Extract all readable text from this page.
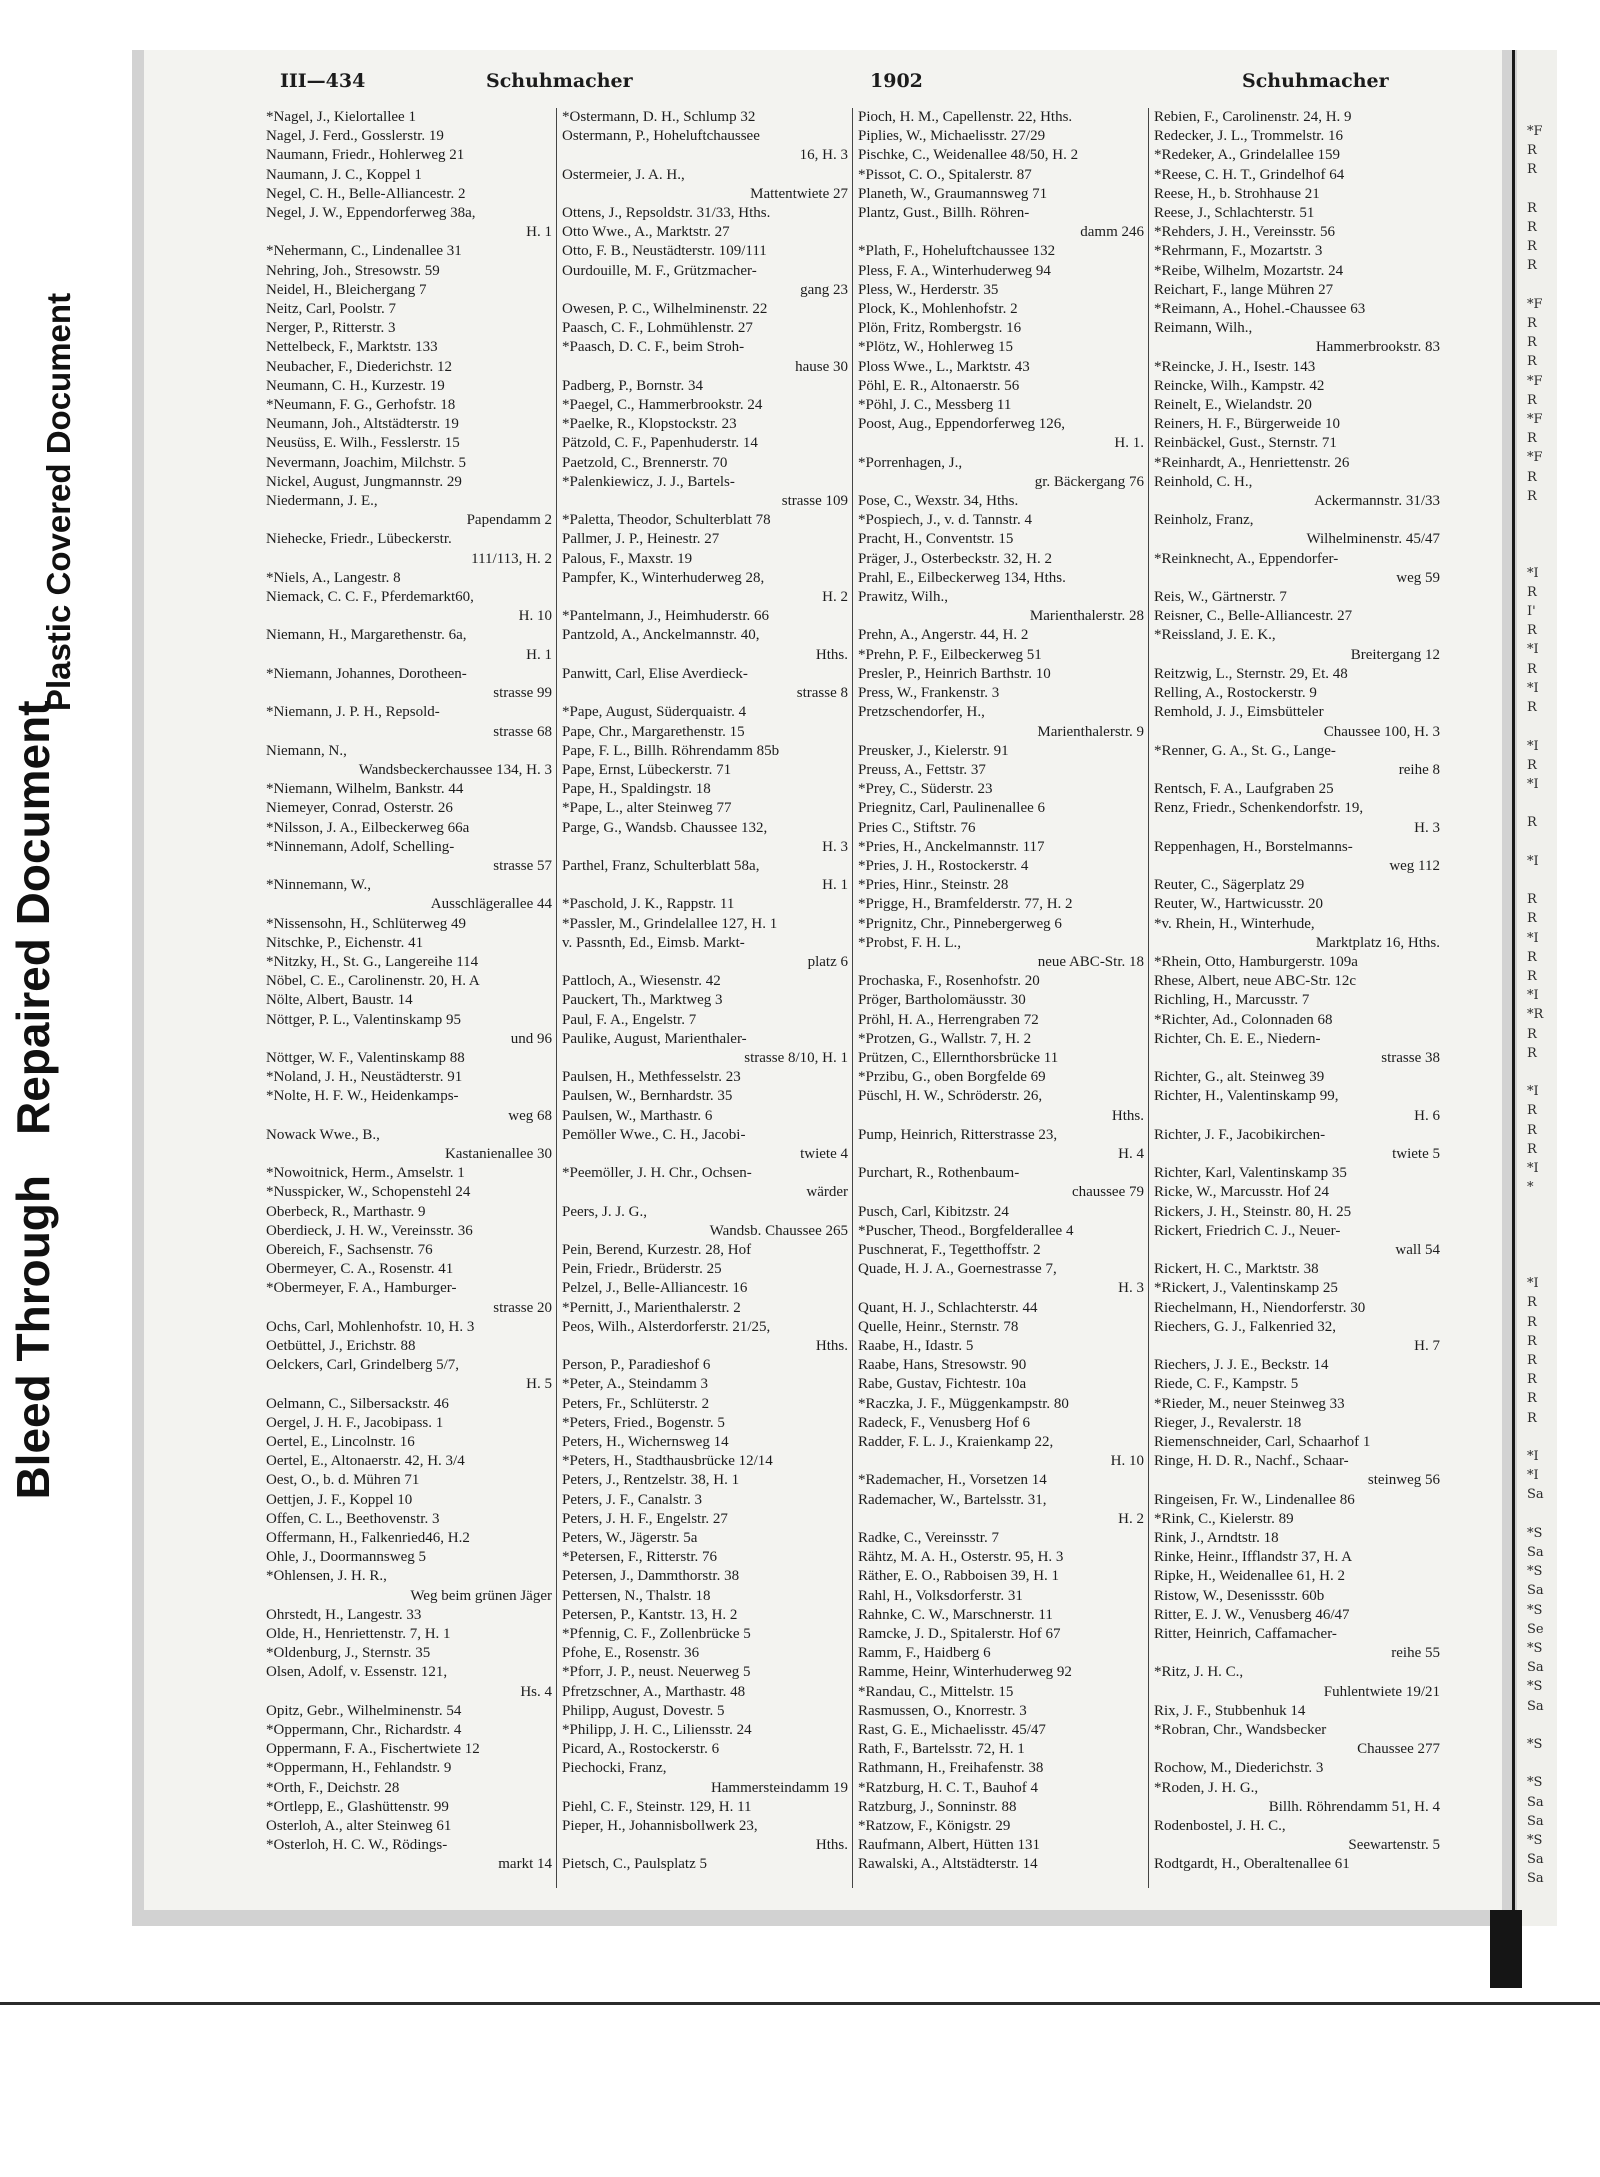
Bleed Through
Repaired Document
Plastic Covered Document
III—434	Schuhmacher	1902	Schuhmacher
*Nagel, J., Kielortallee 1
Nagel, J. Ferd., Gosslerstr. 19
Naumann, Friedr., Hohlerweg 21
Naumann, J. C., Koppel 1
Negel, C. H., Belle-Alliancestr. 2
Negel, J. W., Eppendorferweg 38a,
H. 1
*Nehermann, C., Lindenallee 31
Nehring, Joh., Stresowstr. 59
Neidel, H., Bleichergang 7
Neitz, Carl, Poolstr. 7
Nerger, P., Ritterstr. 3
Nettelbeck, F., Marktstr. 133
Neubacher, F., Diederichstr. 12
Neumann, C. H., Kurzestr. 19
*Neumann, F. G., Gerhofstr. 18
Neumann, Joh., Altstädterstr. 19
Neusüss, E. Wilh., Fesslerstr. 15
Nevermann, Joachim, Milchstr. 5
Nickel, August, Jungmannstr. 29
Niedermann, J. E.,
Papendamm 2
Niehecke, Friedr., Lübeckerstr.
111/113, H. 2
*Niels, A., Langestr. 8
Niemack, C. C. F., Pferdemarkt60,
H. 10
Niemann, H., Margarethenstr. 6a,
H. 1
*Niemann, Johannes, Dorotheen-
strasse 99
*Niemann, J. P. H., Repsold-
strasse 68
Niemann, N.,
Wandsbeckerchaussee 134, H. 3
*Niemann, Wilhelm, Bankstr. 44
Niemeyer, Conrad, Osterstr. 26
*Nilsson, J. A., Eilbeckerweg 66a
*Ninnemann, Adolf, Schelling-
strasse 57
*Ninnemann, W.,
Ausschlägerallee 44
*Nissensohn, H., Schlüterweg 49
Nitschke, P., Eichenstr. 41
*Nitzky, H., St. G., Langereihe 114
Nöbel, C. E., Carolinenstr. 20, H. A
Nölte, Albert, Baustr. 14
Nöttger, P. L., Valentinskamp 95
und 96
Nöttger, W. F., Valentinskamp 88
*Noland, J. H., Neustädterstr. 91
*Nolte, H. F. W., Heidenkamps-
weg 68
Nowack Wwe., B.,
Kastanienallee 30
*Nowoitnick, Herm., Amselstr. 1
*Nusspicker, W., Schopenstehl 24
Oberbeck, R., Marthastr. 9
Oberdieck, J. H. W., Vereinsstr. 36
Obereich, F., Sachsenstr. 76
Obermeyer, C. A., Rosenstr. 41
*Obermeyer, F. A., Hamburger-
strasse 20
Ochs, Carl, Mohlenhofstr. 10, H. 3
Oetbüttel, J., Erichstr. 88
Oelckers, Carl, Grindelberg 5/7,
H. 5
Oelmann, C., Silbersackstr. 46
Oergel, J. H. F., Jacobipass. 1
Oertel, E., Lincolnstr. 16
Oertel, E., Altonaerstr. 42, H. 3/4
Oest, O., b. d. Mühren 71
Oettjen, J. F., Koppel 10
Offen, C. L., Beethovenstr. 3
Offermann, H., Falkenried46, H.2
Ohle, J., Doormannsweg 5
*Ohlensen, J. H. R.,
Weg beim grünen Jäger
Ohrstedt, H., Langestr. 33
Olde, H., Henriettenstr. 7, H. 1
*Oldenburg, J., Sternstr. 35
Olsen, Adolf, v. Essenstr. 121,
Hs. 4
Opitz, Gebr., Wilhelminenstr. 54
*Oppermann, Chr., Richardstr. 4
Oppermann, F. A., Fischertwiete 12
*Oppermann, H., Fehlandstr. 9
*Orth, F., Deichstr. 28
*Ortlepp, E., Glashüttenstr. 99
Osterloh, A., alter Steinweg 61
*Osterloh, H. C. W., Rödings-
markt 14
*Ostermann, D. H., Schlump 32
Ostermann, P., Hoheluftchaussee
16, H. 3
Ostermeier, J. A. H.,
Mattentwiete 27
Ottens, J., Repsoldstr. 31/33, Hths.
Otto Wwe., A., Marktstr. 27
Otto, F. B., Neustädterstr. 109/111
Ourdouille, M. F., Grützmacher-
gang 23
Owesen, P. C., Wilhelminenstr. 22
Paasch, C. F., Lohmühlenstr. 27
*Paasch, D. C. F., beim Stroh-
hause 30
Padberg, P., Bornstr. 34
*Paegel, C., Hammerbrookstr. 24
*Paelke, R., Klopstockstr. 23
Pätzold, C. F., Papenhuderstr. 14
Paetzold, C., Brennerstr. 70
*Palenkiewicz, J. J., Bartels-
strasse 109
*Paletta, Theodor, Schulterblatt 78
Pallmer, J. P., Heinestr. 27
Palous, F., Maxstr. 19
Pampfer, K., Winterhuderweg 28,
H. 2
*Pantelmann, J., Heimhuderstr. 66
Pantzold, A., Anckelmannstr. 40,
Hths.
Panwitt, Carl, Elise Averdieck-
strasse 8
*Pape, August, Süderquaistr. 4
Pape, Chr., Margarethenstr. 15
Pape, F. L., Billh. Röhrendamm 85b
Pape, Ernst, Lübeckerstr. 71
Pape, H., Spaldingstr. 18
*Pape, L., alter Steinweg 77
Parge, G., Wandsb. Chaussee 132,
H. 3
Parthel, Franz, Schulterblatt 58a,
H. 1
*Paschold, J. K., Rappstr. 11
*Passler, M., Grindelallee 127, H. 1
v. Passnth, Ed., Eimsb. Markt-
platz 6
Pattloch, A., Wiesenstr. 42
Pauckert, Th., Marktweg 3
Paul, F. A., Engelstr. 7
Paulike, August, Marienthaler-
strasse 8/10, H. 1
Paulsen, H., Methfesselstr. 23
Paulsen, W., Bernhardstr. 35
Paulsen, W., Marthastr. 6
Pemöller Wwe., C. H., Jacobi-
twiete 4
*Peemöller, J. H. Chr., Ochsen-
wärder
Peers, J. J. G.,
Wandsb. Chaussee 265
Pein, Berend, Kurzestr. 28, Hof
Pein, Friedr., Brüderstr. 25
Pelzel, J., Belle-Alliancestr. 16
*Pernitt, J., Marienthalerstr. 2
Peos, Wilh., Alsterdorferstr. 21/25,
Hths.
Person, P., Paradieshof 6
*Peter, A., Steindamm 3
Peters, Fr., Schlüterstr. 2
*Peters, Fried., Bogenstr. 5
Peters, H., Wichernsweg 14
*Peters, H., Stadthausbrücke 12/14
Peters, J., Rentzelstr. 38, H. 1
Peters, J. F., Canalstr. 3
Peters, J. H. F., Engelstr. 27
Peters, W., Jägerstr. 5a
*Petersen, F., Ritterstr. 76
Petersen, J., Dammthorstr. 38
Pettersen, N., Thalstr. 18
Petersen, P., Kantstr. 13, H. 2
*Pfennig, C. F., Zollenbrücke 5
Pfohe, E., Rosenstr. 36
*Pforr, J. P., neust. Neuerweg 5
Pfretzschner, A., Marthastr. 48
Philipp, August, Dovestr. 5
*Philipp, J. H. C., Liliensstr. 24
Picard, A., Rostockerstr. 6
Piechocki, Franz,
Hammersteindamm 19
Piehl, C. F., Steinstr. 129, H. 11
Pieper, H., Johannisbollwerk 23,
Hths.
Pietsch, C., Paulsplatz 5
Pioch, H. M., Capellenstr. 22, Hths.
Piplies, W., Michaelisstr. 27/29
Pischke, C., Weidenallee 48/50, H. 2
*Pissot, C. O., Spitalerstr. 87
Planeth, W., Graumannsweg 71
Plantz, Gust., Billh. Röhren-
damm 246
*Plath, F., Hoheluftchaussee 132
Pless, F. A., Winterhuderweg 94
Pless, W., Herderstr. 35
Plock, K., Mohlenhofstr. 2
Plön, Fritz, Rombergstr. 16
*Plötz, W., Hohlerweg 15
Ploss Wwe., L., Marktstr. 43
Pöhl, E. R., Altonaerstr. 56
*Pöhl, J. C., Messberg 11
Poost, Aug., Eppendorferweg 126,
H. 1.
*Porrenhagen, J.,
gr. Bäckergang 76
Pose, C., Wexstr. 34, Hths.
*Pospiech, J., v. d. Tannstr. 4
Pracht, H., Conventstr. 15
Präger, J., Osterbeckstr. 32, H. 2
Prahl, E., Eilbeckerweg 134, Hths.
Prawitz, Wilh.,
Marienthalerstr. 28
Prehn, A., Angerstr. 44, H. 2
*Prehn, P. F., Eilbeckerweg 51
Presler, P., Heinrich Barthstr. 10
Press, W., Frankenstr. 3
Pretzschendorfer, H.,
Marienthalerstr. 9
Preusker, J., Kielerstr. 91
Preuss, A., Fettstr. 37
*Prey, C., Süderstr. 23
Priegnitz, Carl, Paulinenallee 6
Pries C., Stiftstr. 76
*Pries, H., Anckelmannstr. 117
*Pries, J. H., Rostockerstr. 4
*Pries, Hinr., Steinstr. 28
*Prigge, H., Bramfelderstr. 77, H. 2
*Prignitz, Chr., Pinnebergerweg 6
*Probst, F. H. L.,
neue ABC-Str. 18
Prochaska, F., Rosenhofstr. 20
Pröger, Bartholomäusstr. 30
Pröhl, H. A., Herrengraben 72
*Protzen, G., Wallstr. 7, H. 2
Prützen, C., Ellernthorsbrücke 11
*Przibu, G., oben Borgfelde 69
Püschl, H. W., Schröderstr. 26,
Hths.
Pump, Heinrich, Ritterstrasse 23,
H. 4
Purchart, R., Rothenbaum-
chaussee 79
Pusch, Carl, Kibitzstr. 24
*Puscher, Theod., Borgfelderallee 4
Puschnerat, F., Tegetthoffstr. 2
Quade, H. J. A., Goernestrasse 7,
H. 3
Quant, H. J., Schlachterstr. 44
Quelle, Heinr., Sternstr. 78
Raabe, H., Idastr. 5
Raabe, Hans, Stresowstr. 90
Rabe, Gustav, Fichtestr. 10a
*Raczka, J. F., Müggenkampstr. 80
Radeck, F., Venusberg Hof 6
Radder, F. L. J., Kraienkamp 22,
H. 10
*Rademacher, H., Vorsetzen 14
Rademacher, W., Bartelsstr. 31,
H. 2
Radke, C., Vereinsstr. 7
Rähtz, M. A. H., Osterstr. 95, H. 3
Räther, E. O., Rabboisen 39, H. 1
Rahl, H., Volksdorferstr. 31
Rahnke, C. W., Marschnerstr. 11
Ramcke, J. D., Spitalerstr. Hof 67
Ramm, F., Haidberg 6
Ramme, Heinr, Winterhuderweg 92
*Randau, C., Mittelstr. 15
Rasmussen, O., Knorrestr. 3
Rast, G. E., Michaelisstr. 45/47
Rath, F., Bartelsstr. 72, H. 1
Rathmann, H., Freihafenstr. 38
*Ratzburg, H. C. T., Bauhof 4
Ratzburg, J., Sonninstr. 88
*Ratzow, F., Königstr. 29
Raufmann, Albert, Hütten 131
Rawalski, A., Altstädterstr. 14
Rebien, F., Carolinenstr. 24, H. 9
Redecker, J. L., Trommelstr. 16
*Redeker, A., Grindelallee 159
*Reese, C. H. T., Grindelhof 64
Reese, H., b. Strohhause 21
Reese, J., Schlachterstr. 51
*Rehders, J. H., Vereinsstr. 56
*Rehrmann, F., Mozartstr. 3
*Reibe, Wilhelm, Mozartstr. 24
Reichart, F., lange Mühren 27
*Reimann, A., Hohel.-Chaussee 63
Reimann, Wilh.,
Hammerbrookstr. 83
*Reincke, J. H., Isestr. 143
Reincke, Wilh., Kampstr. 42
Reinelt, E., Wielandstr. 20
Reiners, H. F., Bürgerweide 10
Reinbäckel, Gust., Sternstr. 71
*Reinhardt, A., Henriettenstr. 26
Reinhold, C. H.,
Ackermannstr. 31/33
Reinholz, Franz,
Wilhelminenstr. 45/47
*Reinknecht, A., Eppendorfer-
weg 59
Reis, W., Gärtnerstr. 7
Reisner, C., Belle-Alliancestr. 27
*Reissland, J. E. K.,
Breitergang 12
Reitzwig, L., Sternstr. 29, Et. 48
Relling, A., Rostockerstr. 9
Remhold, J. J., Eimsbütteler
Chaussee 100, H. 3
*Renner, G. A., St. G., Lange-
reihe 8
Rentsch, F. A., Laufgraben 25
Renz, Friedr., Schenkendorfstr. 19,
H. 3
Reppenhagen, H., Borstelmanns-
weg 112
Reuter, C., Sägerplatz 29
Reuter, W., Hartwicusstr. 20
*v. Rhein, H., Winterhude,
Marktplatz 16, Hths.
*Rhein, Otto, Hamburgerstr. 109a
Rhese, Albert, neue ABC-Str. 12c
Richling, H., Marcusstr. 7
*Richter, Ad., Colonnaden 68
Richter, Ch. E. E., Niedern-
strasse 38
Richter, G., alt. Steinweg 39
Richter, H., Valentinskamp 99,
H. 6
Richter, J. F., Jacobikirchen-
twiete 5
Richter, Karl, Valentinskamp 35
Ricke, W., Marcusstr. Hof 24
Rickers, J. H., Steinstr. 80, H. 25
Rickert, Friedrich C. J., Neuer-
wall 54
Rickert, H. C., Marktstr. 38
*Rickert, J., Valentinskamp 25
Riechelmann, H., Niendorferstr. 30
Riechers, G. J., Falkenried 32,
H. 7
Riechers, J. J. E., Beckstr. 14
Riede, C. F., Kampstr. 5
*Rieder, M., neuer Steinweg 33
Rieger, J., Revalerstr. 18
Riemenschneider, Carl, Schaarhof 1
Ringe, H. D. R., Nachf., Schaar-
steinweg 56
Ringeisen, Fr. W., Lindenallee 86
*Rink, C., Kielerstr. 89
Rink, J., Arndtstr. 18
Rinke, Heinr., Ifflandstr 37, H. A
Ripke, H., Weidenallee 61, H. 2
Ristow, W., Desenissstr. 60b
Ritter, E. J. W., Venusberg 46/47
Ritter, Heinrich, Caffamacher-
reihe 55
*Ritz, J. H. C.,
Fuhlentwiete 19/21
Rix, J. F., Stubbenhuk 14
*Robran, Chr., Wandsbecker
Chaussee 277
Rochow, M., Diederichstr. 3
*Roden, J. H. G.,
Billh. Röhrendamm 51, H. 4
Rodenbostel, J. H. C.,
Seewartenstr. 5
Rodtgardt, H., Oberaltenallee 61
*F
R
R

R
R
R
R

*F
R
R
R
*F
R
*F
R
*F
R
R

*I
R
I'
R
*I
R
*I
R

*I
R
*I

R

*I

R
R
*I
R
R
*I
*R
R
R

*I
R
R
R
*I
*

*I
R
R
R
R
R
R
R

*I
*I
Sa

*S
Sa
*S
Sa
*S
Se
*S
Sa
*S
Sa

*S

*S
Sa
Sa
*S
Sa
Sa
